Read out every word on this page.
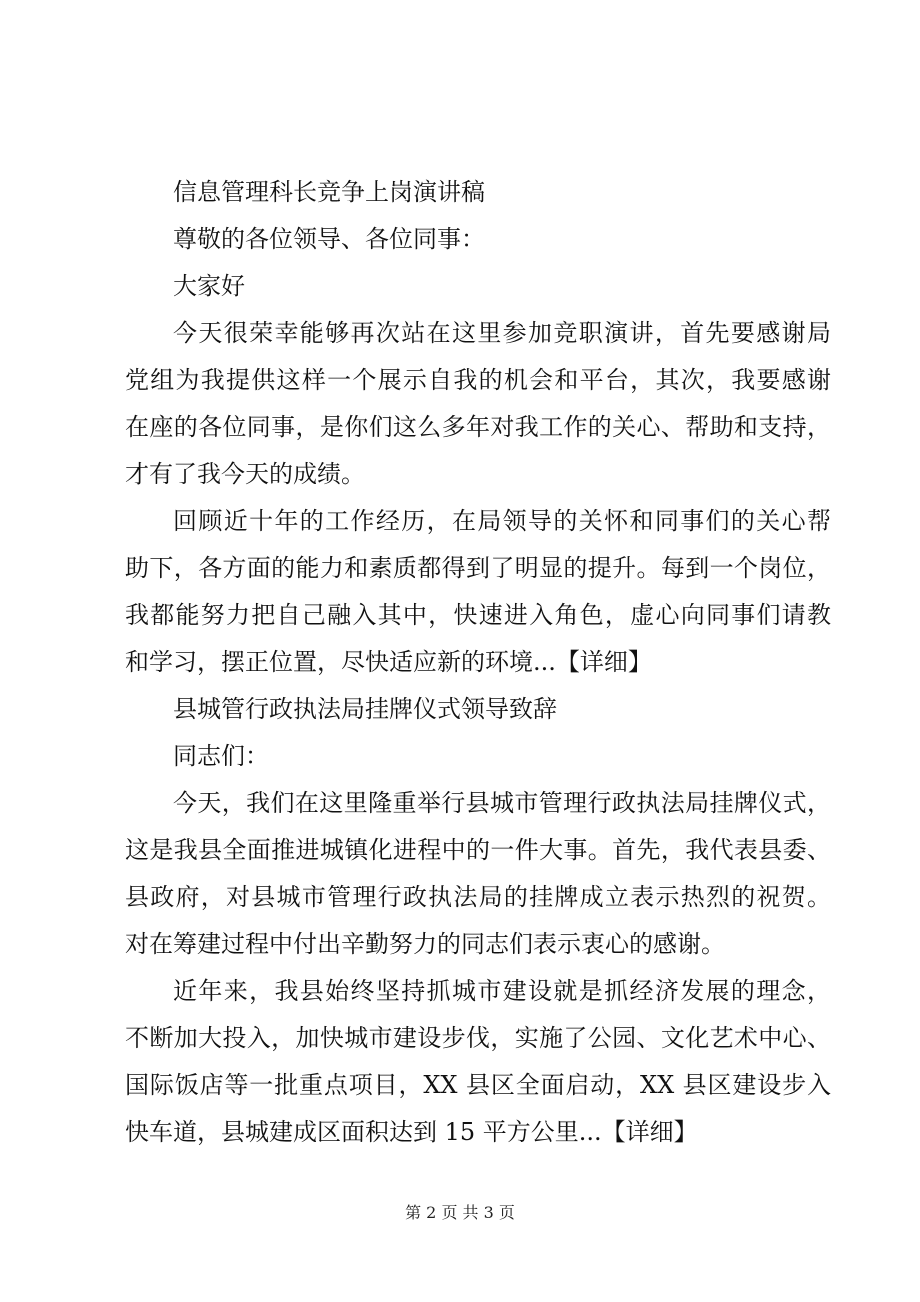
信息管理科长竞争上岗演讲稿
尊敬的各位领导、各位同事：
大家好
今天很荣幸能够再次站在这里参加竞职演讲，首先要感谢局
党组为我提供这样一个展示自我的机会和平台，其次，我要感谢
在座的各位同事，是你们这么多年对我工作的关心、帮助和支持，
才有了我今天的成绩。
回顾近十年的工作经历，在局领导的关怀和同事们的关心帮
助下，各方面的能力和素质都得到了明显的提升。每到一个岗位，
我都能努力把自己融入其中，快速进入角色，虚心向同事们请教
和学习，摆正位置，尽快适应新的环境...【详细】
县城管行政执法局挂牌仪式领导致辞
同志们：
今天，我们在这里隆重举行县城市管理行政执法局挂牌仪式，
这是我县全面推进城镇化进程中的一件大事。首先，我代表县委、
县政府，对县城市管理行政执法局的挂牌成立表示热烈的祝贺。
对在筹建过程中付出辛勤努力的同志们表示衷心的感谢。
近年来，我县始终坚持抓城市建设就是抓经济发展的理念，
不断加大投入，加快城市建设步伐，实施了公园、文化艺术中心、
国际饭店等一批重点项目，XX 县区全面启动，XX 县区建设步入
快车道，县城建成区面积达到 15 平方公里...【详细】
第 2 页 共 3 页
